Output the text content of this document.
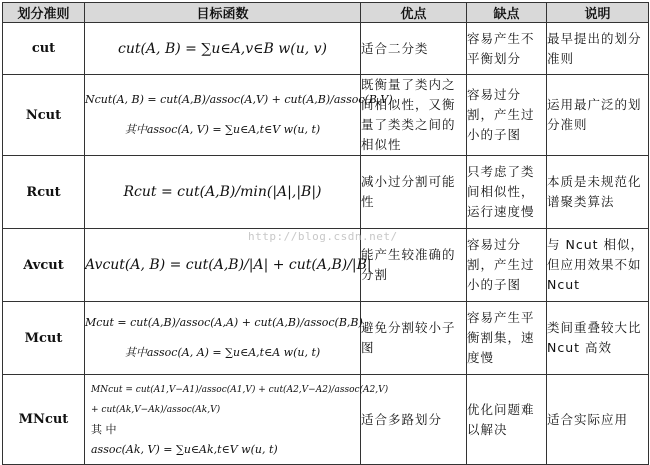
划分准则	目标函数	优点	缺点	说明
cut	cut(A, B) = ∑u∈A,v∈B w(u, v)	适合二分类	容易产生不平衡划分	最早提出的划分准则
Ncut	Ncut(A, B) = cut(A,B)/assoc(A,V) + cut(A,B)/assoc(B,V)
其中assoc(A, V) = ∑u∈A,t∈V w(u, t)	既衡量了类内之间相似性，又衡量了类类之间的相似性	容易过分割，产生过小的子图	运用最广泛的划分准则
Rcut	Rcut = cut(A,B)/min(|A|,|B|)	减小过分割可能性	只考虑了类间相似性，运行速度慢	本质是未规范化谱聚类算法
Avcut	Avcut(A, B) = cut(A,B)/|A| + cut(A,B)/|B|	能产生较准确的分割	容易过分割，产生过小的子图	与 Ncut 相似，但应用效果不如 Ncut
Mcut	Mcut = cut(A,B)/assoc(A,A) + cut(A,B)/assoc(B,B)
其中assoc(A, A) = ∑u∈A,t∈A w(u, t)	避免分割较小子图	容易产生平衡割集，速度慢	类间重叠较大比 Ncut 高效
MNcut	MNcut = cut(A1,V−A1)/assoc(A1,V) + cut(A2,V−A2)/assoc(A2,V)
+ cut(Ak,V−Ak)/assoc(Ak,V)
其 中
assoc(Ak, V) = ∑u∈Ak,t∈V w(u, t)	适合多路划分	优化问题难以解决	适合实际应用
http://blog.csdn.net/
